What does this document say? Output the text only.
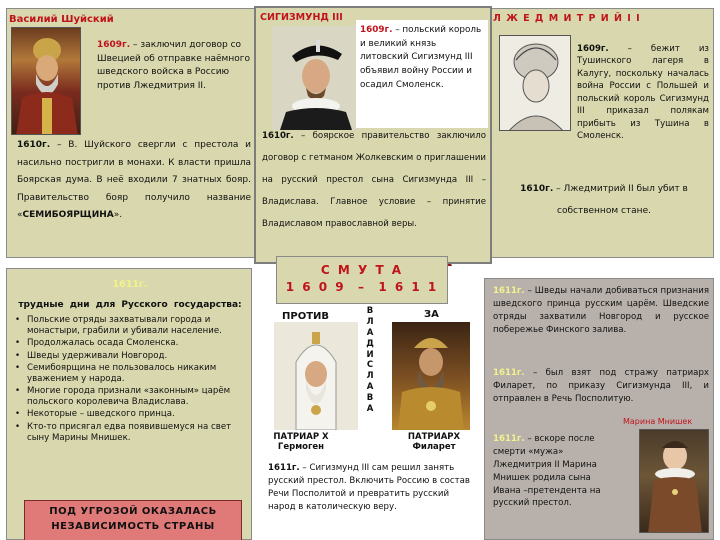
Василий Шуйский
1609г. – заключил договор со Швецией об отправке наёмного шведского войска в Россию против Лжедмитрия II.
1610г. – В. Шуйского свергли с престола и насильно постригли в монахи. К власти пришла Боярская дума. В неё входили 7 знатных бояр. Правительство бояр получило название «СЕМИБОЯРЩИНА».
Л Ж Е Д М И Т Р И Й I I
1609г. – бежит из Тушинского лагеря в Калугу, поскольку началась война России с Польшей и польский король Сигизмунд III приказал полякам прибыть из Тушина в Смоленск.
1610г. – Лжедмитрий II был убит в собственном стане.
1611г.
трудные дни для Русского государства:
• Польские отряды захватывали города и монастыри, грабили и убивали население.
• Продолжалась осада Смоленска.
• Шведы удерживали Новгород.
• Семибоярщина не пользовалось никаким уважением у народа.
• Многие города признали «законным» царём польского королевича Владислава.
• Некоторые – шведского принца.
• Кто-то присягал едва появившемуся на свет сыну Марины Мнишек.
ПОД УГРОЗОЙ ОКАЗАЛАСЬ НЕЗАВИСИМОСТЬ СТРАНЫ
1611г. – Шведы начали добиваться признания шведского принца русским царём. Шведские отряды захватили Новгород и русское побережье Финского залива.
1611г. – был взят под стражу патриарх Филарет, по приказу Сигизмунда III, и отправлен в Речь Посполитую.
Марина Мнишек
1611г. – вскоре после смерти «мужа» Лжедмитрия II Марина Мнишек родила сына Ивана –претендента на русский престол.
СИГИЗМУНД III
1609г. – польский король и великий князь литовский Сигизмунд III объявил войну России и осадил Смоленск.
1610г. – боярское правительство заключило договор с гетманом Жолкевским о приглашении на русский престол сына Сигизмунда III – Владислава. Главное условие – принятие Владиславом православной веры.
С М У Т А
1 6 0 9  –  1 6 1 1
ПРОТИВ	ЗА
В
Л
А
Д
И
С
Л
А
В
А
ПАТРИАР Х Гермоген
ПАТРИАРХ Филарет
1611г. – Сигизмунд III сам решил занять русский престол. Включить Россию в состав Речи Посполитой и превратить русский народ в католическую веру.
